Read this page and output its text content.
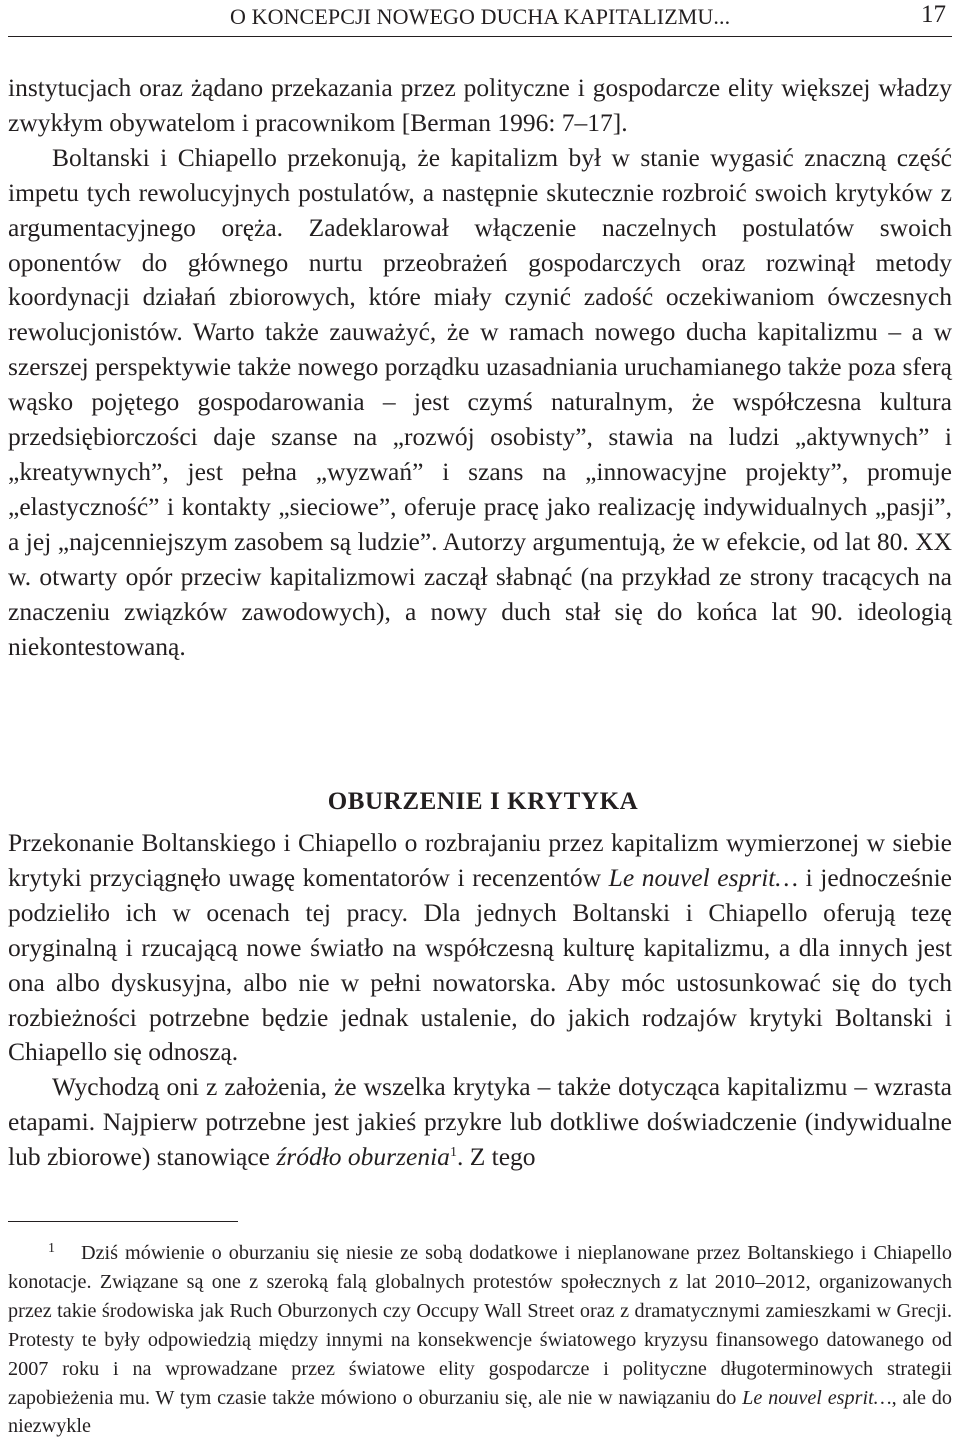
O KONCEPCJI NOWEGO DUCHA KAPITALIZMU...	17

instytucjach oraz żądano przekazania przez polityczne i gospodarcze elity większej władzy zwykłym obywatelom i pracownikom [Berman 1996: 7–17].

Boltanski i Chiapello przekonują, że kapitalizm był w stanie wygasić znaczną część impetu tych rewolucyjnych postulatów, a następnie skutecznie rozbroić swoich krytyków z argumentacyjnego oręża. Zadeklarował włączenie naczelnych postulatów swoich oponentów do głównego nurtu przeobrażeń gospodarczych oraz rozwinął metody koordynacji działań zbiorowych, które miały czynić zadość oczekiwaniom ówczesnych rewolucjonistów. Warto także zauważyć, że w ramach nowego ducha kapitalizmu – a w szerszej perspektywie także nowego porządku uzasadniania uruchamianego także poza sferą wąsko pojętego gospodarowania – jest czymś naturalnym, że współczesna kultura przedsiębiorczości daje szanse na „rozwój osobisty”, stawia na ludzi „aktywnych” i „kreatywnych”, jest pełna „wyzwań” i szans na „innowacyjne projekty”, promuje „elastyczność” i kontakty „sieciowe”, oferuje pracę jako realizację indywidualnych „pasji”, a jej „najcenniejszym zasobem są ludzie”. Autorzy argumentują, że w efekcie, od lat 80. XX w. otwarty opór przeciw kapitalizmowi zaczął słabnąć (na przykład ze strony tracących na znaczeniu związków zawodowych), a nowy duch stał się do końca lat 90. ideologią niekontestowaną.

OBURZENIE I KRYTYKA

Przekonanie Boltanskiego i Chiapello o rozbrajaniu przez kapitalizm wymierzonej w siebie krytyki przyciągnęło uwagę komentatorów i recenzentów Le nouvel esprit… i jednocześnie podzieliło ich w ocenach tej pracy. Dla jednych Boltanski i Chiapello oferują tezę oryginalną i rzucającą nowe światło na współczesną kulturę kapitalizmu, a dla innych jest ona albo dyskusyjna, albo nie w pełni nowatorska. Aby móc ustosunkować się do tych rozbieżności potrzebne będzie jednak ustalenie, do jakich rodzajów krytyki Boltanski i Chiapello się odnoszą.

Wychodzą oni z założenia, że wszelka krytyka – także dotycząca kapitalizmu – wzrasta etapami. Najpierw potrzebne jest jakieś przykre lub dotkliwe doświadczenie (indywidualne lub zbiorowe) stanowiące źródło oburzenia$^1$. Z tego

$^1$ Dziś mówienie o oburzaniu się niesie ze sobą dodatkowe i nieplanowane przez Boltanskiego i Chiapello konotacje. Związane są one z szeroką falą globalnych protestów społecznych z lat 2010–2012, organizowanych przez takie środowiska jak Ruch Oburzonych czy Occupy Wall Street oraz z dramatycznymi zamieszkami w Grecji. Protesty te były odpowiedzią między innymi na konsekwencje światowego kryzysu finansowego datowanego od 2007 roku i na wprowadzane przez światowe elity gospodarcze i polityczne długoterminowych strategii zapobieżenia mu. W tym czasie także mówiono o oburzaniu się, ale nie w nawiązaniu do Le nouvel esprit…, ale do niezwykle
